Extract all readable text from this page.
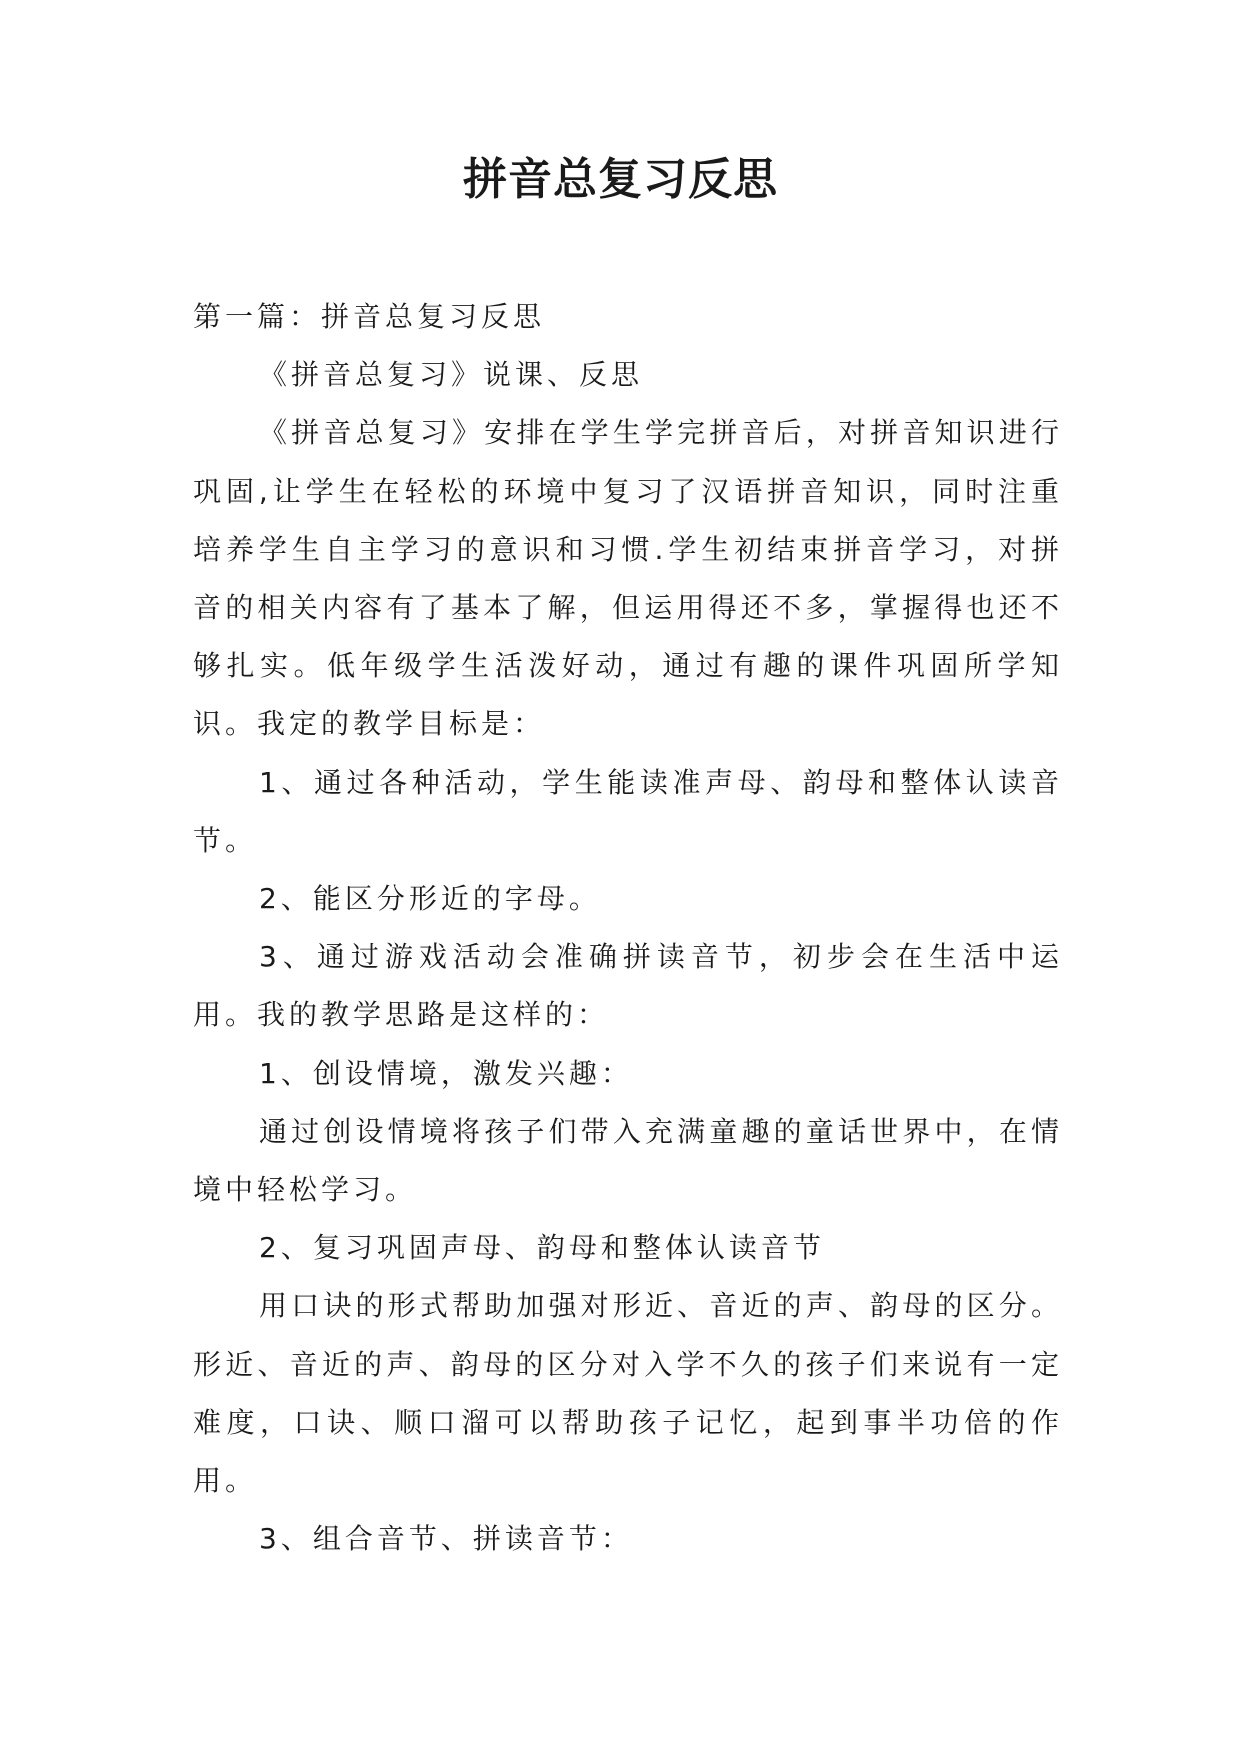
拼音总复习反思

第一篇：拼音总复习反思

《拼音总复习》说课、反思

《拼音总复习》安排在学生学完拼音后，对拼音知识进行巩固,让学生在轻松的环境中复习了汉语拼音知识，同时注重培养学生自主学习的意识和习惯.学生初结束拼音学习，对拼音的相关内容有了基本了解，但运用得还不多，掌握得也还不够扎实。低年级学生活泼好动，通过有趣的课件巩固所学知识。我定的教学目标是：

1、通过各种活动，学生能读准声母、韵母和整体认读音节。

2、能区分形近的字母。

3、通过游戏活动会准确拼读音节，初步会在生活中运用。我的教学思路是这样的：

1、创设情境，激发兴趣：

通过创设情境将孩子们带入充满童趣的童话世界中，在情境中轻松学习。

2、复习巩固声母、韵母和整体认读音节

用口诀的形式帮助加强对形近、音近的声、韵母的区分。形近、音近的声、韵母的区分对入学不久的孩子们来说有一定难度，口诀、顺口溜可以帮助孩子记忆，起到事半功倍的作用。

3、组合音节、拼读音节：
